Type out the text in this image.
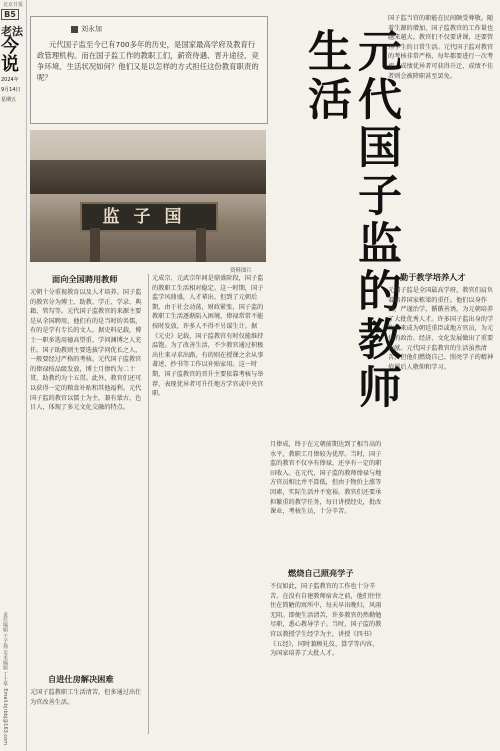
北京日报
B5
老法
今说
2024年
9月14日
星期五
责任编辑 王子扬 美术编辑 丁士华 Email:bjrbbj@163.com
刘永加
元代国子监至今已有700多年的历史，是国家最高学府及教育行政管理机构。而在国子监工作的教职工们，薪资待遇、晋升途径、竞争环境、生活状况如何？他们又是以怎样的方式担任这份教育职责的呢？
监子国
资料图片	元代国子监的教师生活
面向全国聘用教师
元朝十分重视教育以及人才培养。国子监的教官分为博士、助教、学正、学录、典籍、管勾等。元代国子监教官的来源主要是从全国聘用，他们有的是当时的名儒，有的是学有专长的文人。据史料记载，博士一职多选用德高望重、学问渊博之人充任。国子助教则主要选拔学问优长之人，一般要经过严格的考核。元代国子监教官的俸禄按品级发放，博士月俸约为二十贯，助教约为十五贯。此外，教官们还可以获得一定的粮食补贴和其他福利。元代国子监的教官以儒士为主，兼有蒙古、色目人，体现了多元文化交融的特点。
自进仕房解决困难
元国子监教职工生活清苦，但多通过出仕为官改善生活。
元成宗、元武宗年间是鼎盛阶段，国子监的教职工生活相对稳定。这一时期，国子监学风鼎盛，人才辈出。但到了元朝后期，由于社会动荡，财政紧张，国子监的教职工生活逐渐陷入困境，俸禄常常不能按时发放，许多人不得不另谋生计。据《元史》记载，国子监教官有时仅能维持温饱。为了改善生活，不少教官通过积极出仕来寻求出路，有的则在授课之余从事著述、抄书等工作以补贴家用。这一时期，国子监教官的晋升主要依靠考核与举荐，表现优异者可升任地方学官或中央官职。
月俸成，终于在元朝前期达到了相当高的水平，教职工月俸较为优厚。当时，国子监的教官不仅享有俸禄，还享有一定的职田收入。在元代，国子监的教师俸禄与地方官员相比并不算低，但由于物价上涨等因素，实际生活并不宽裕。教官们还要承担繁重的教学任务，每日讲授经史，批改课业，考核生员，十分辛苦。
燃烧自己照亮学子
不仅如此，国子监教官的工作也十分辛苦。在没有自建教师宿舍之前，他们往往住在简陋的寓所中，每天早出晚归，风雨无阻。即便生活清苦，许多教官仍然勤勉尽职，悉心教导学子。当时，国子监的教官以教授学生经学为主，讲授《四书》《五经》，同时兼顾礼仪、算学等内容，为国家培养了大批人才。
国子监当官的职能在民间颇受尊敬。随着生源的增加，国子监教官的工作量也越来越大。教官们不仅要讲课，还要管理学生的日常生活。元代国子监对教官的考核非常严格，每年都要进行一次考评，成绩优异者可获得升迁，成绩不佳者则会被降职甚至罢免。
勤于教学培养人才
元国子监是全国最高学府，教官们肩负着培养国家栋梁的重任。他们以身作则，严谨治学，循循善诱，为元朝培养了大批优秀人才。许多国子监出身的学生后来成为朝廷重臣或地方官员，为元代的政治、经济、文化发展做出了重要贡献。元代国子监教官的生活虽然清苦，但他们燃烧自己、照亮学子的精神值得后人敬仰和学习。
